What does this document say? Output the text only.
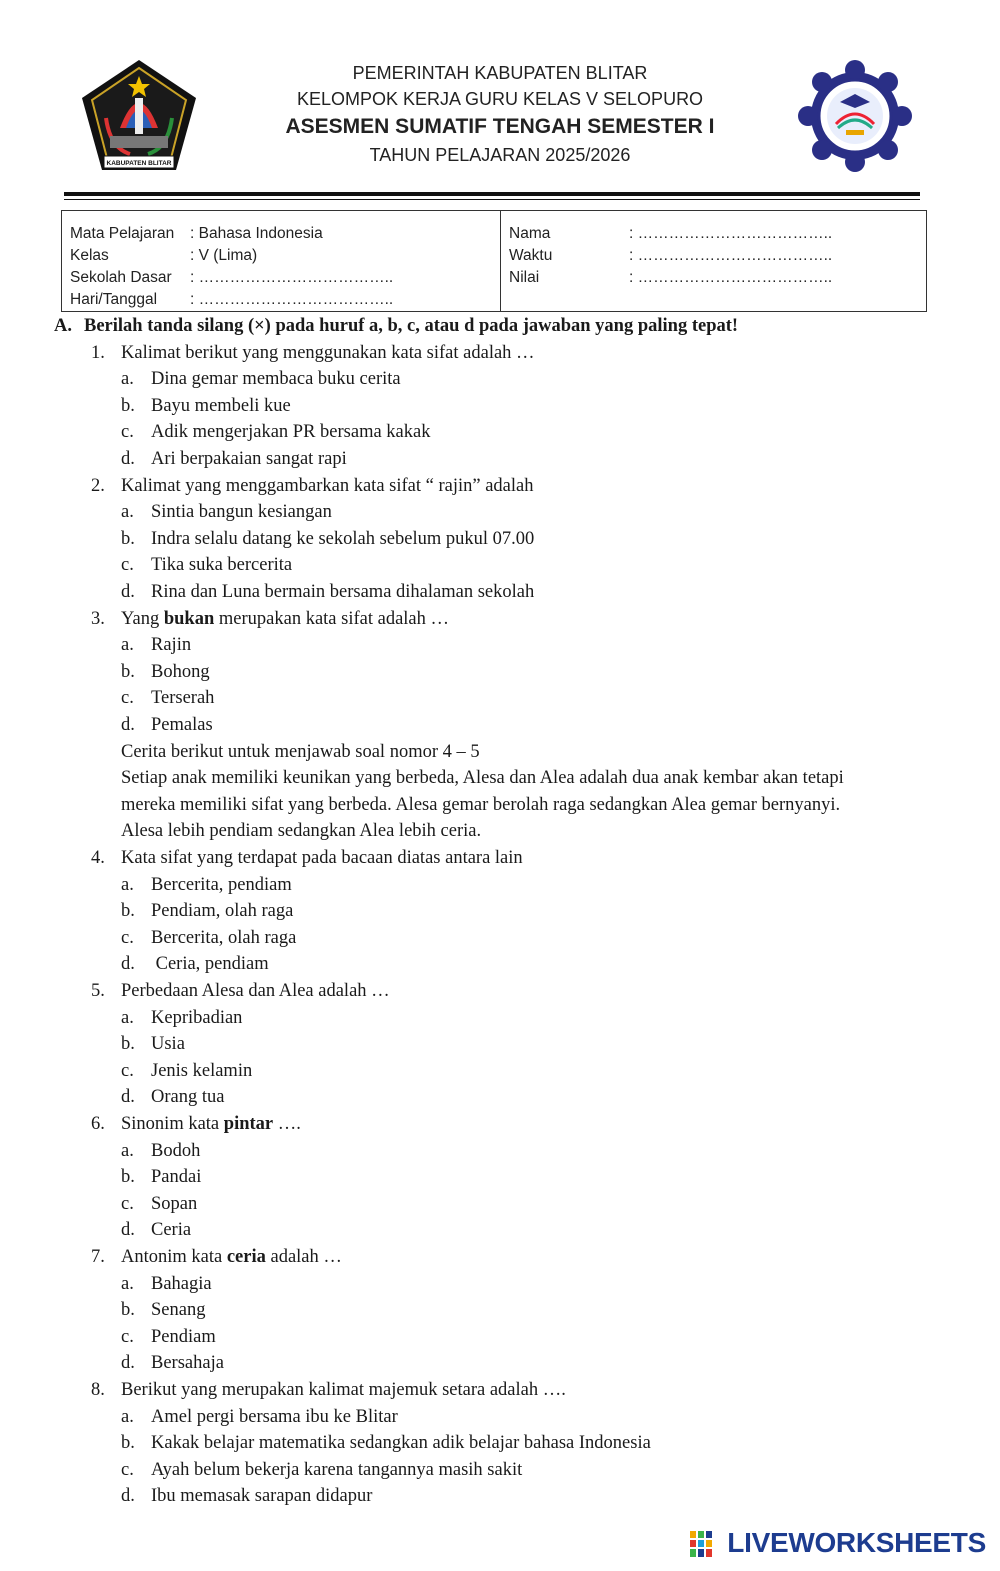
KABUPATEN BLITAR
PEMERINTAH KABUPATEN BLITAR
KELOMPOK KERJA GURU KELAS V SELOPURO
ASESMEN SUMATIF TENGAH SEMESTER I
TAHUN PELAJARAN 2025/2026
Mata Pelajaran : Bahasa Indonesia
Kelas	: V (Lima)
Sekolah Dasar : ………………………………..
Hari/Tanggal : ………………………………..
Nama	: ………………………………..
Waktu	: ………………………………..
Nilai	: ………………………………..
A. Berilah tanda silang (×) pada huruf a, b, c, atau d pada jawaban yang paling tepat!
1. Kalimat berikut yang menggunakan kata sifat adalah …
a. Dina gemar membaca buku cerita
b. Bayu membeli kue
c. Adik mengerjakan PR bersama kakak
d. Ari berpakaian sangat rapi
2. Kalimat yang menggambarkan kata sifat “ rajin” adalah
a. Sintia bangun kesiangan
b. Indra selalu datang ke sekolah sebelum pukul 07.00
c. Tika suka bercerita
d. Rina dan Luna bermain bersama dihalaman sekolah
3. Yang bukan merupakan kata sifat adalah …
a. Rajin
b. Bohong
c. Terserah
d. Pemalas
Cerita berikut untuk menjawab soal nomor 4 – 5
Setiap anak memiliki keunikan yang berbeda, Alesa dan Alea adalah dua anak kembar akan tetapi
mereka memiliki sifat yang berbeda. Alesa gemar berolah raga sedangkan Alea gemar bernyanyi.
Alesa lebih pendiam sedangkan Alea lebih ceria.
4. Kata sifat yang terdapat pada bacaan diatas antara lain
a. Bercerita, pendiam
b. Pendiam, olah raga
c. Bercerita, olah raga
d. Ceria, pendiam
5. Perbedaan Alesa dan Alea adalah …
a. Kepribadian
b. Usia
c. Jenis kelamin
d. Orang tua
6. Sinonim kata pintar ….
a. Bodoh
b. Pandai
c. Sopan
d. Ceria
7. Antonim kata ceria adalah …
a. Bahagia
b. Senang
c. Pendiam
d. Bersahaja
8. Berikut yang merupakan kalimat majemuk setara adalah ….
a. Amel pergi bersama ibu ke Blitar
b. Kakak belajar matematika sedangkan adik belajar bahasa Indonesia
c. Ayah belum bekerja karena tangannya masih sakit
d. Ibu memasak sarapan didapur
LIVEWORKSHEETS
